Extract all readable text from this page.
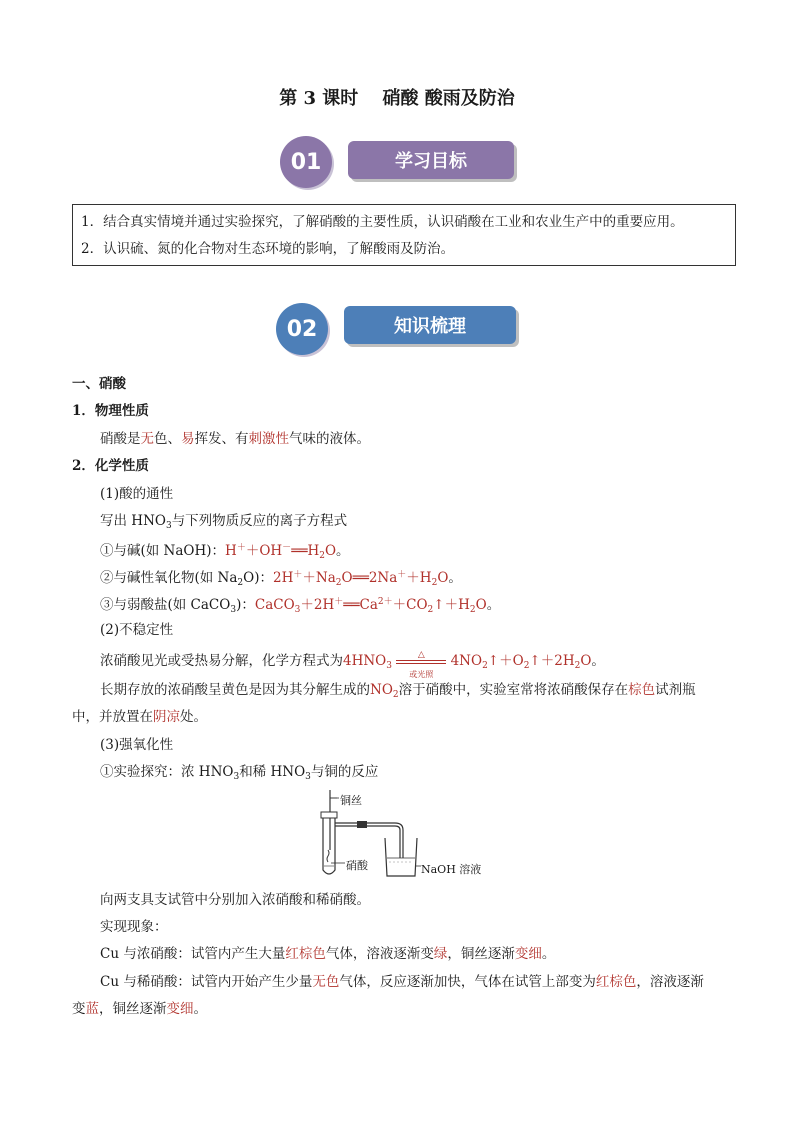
第 3 课时　 硝酸 酸雨及防治
01	学习目标
1．结合真实情境并通过实验探究，了解硝酸的主要性质，认识硝酸在工业和农业生产中的重要应用。
2．认识硫、氮的化合物对生态环境的影响，了解酸雨及防治。
02	知识梳理
一、硝酸
1．物理性质
硝酸是无色、易挥发、有刺激性气味的液体。
2．化学性质
(1)酸的通性
写出 $HNO_3$与下列物质反应的离子方程式
①与碱(如 NaOH)：$H^++OH^-══H_2O$。
②与碱性氧化物(如 $Na_2O$)：$2H^++Na_2O══2Na^++H_2O$。
③与弱酸盐(如 CaCO$_3$)：$CaCO_3+2H^+══Ca^{2+}+CO_2↑+H_2O$。
(2)不稳定性
浓硝酸见光或受热易分解，化学方程式为$4HNO_3$
△
或光照
$4NO_2↑+O_2↑+2H_2O$。
长期存放的浓硝酸呈黄色是因为其分解生成的$NO_2$溶于硝酸中，实验室常将浓硝酸保存在棕色试剂瓶
中，并放置在阴凉处。
(3)强氧化性
①实验探究：浓 $HNO_3$和稀 $HNO_3$与铜的反应
铜丝
硝酸	NaOH 溶液
向两支具支试管中分别加入浓硝酸和稀硝酸。
实现现象：
Cu 与浓硝酸：试管内产生大量红棕色气体，溶液逐渐变绿，铜丝逐渐变细。
Cu 与稀硝酸：试管内开始产生少量无色气体，反应逐渐加快，气体在试管上部变为红棕色，溶液逐渐
变蓝，铜丝逐渐变细。
